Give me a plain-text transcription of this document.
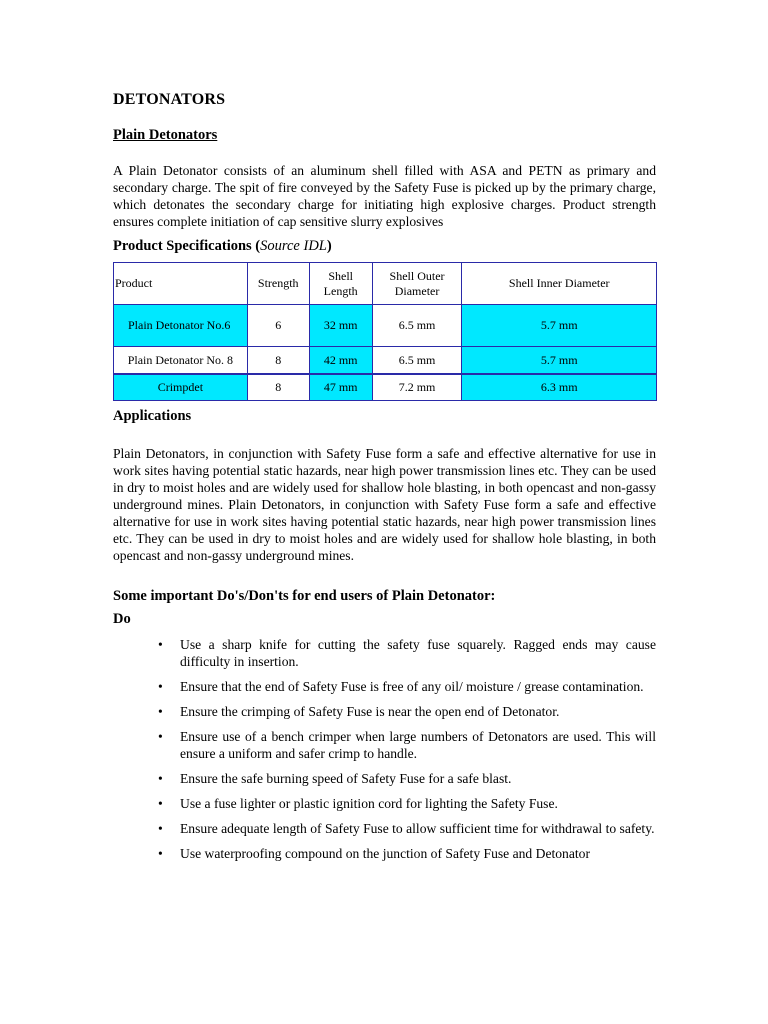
DETONATORS
Plain Detonators

A Plain Detonator consists of an aluminum shell filled with ASA and PETN as primary and secondary charge. The spit of fire conveyed by the Safety Fuse is picked up by the primary charge, which detonates the secondary charge for initiating high explosive charges. Product strength ensures complete initiation of cap sensitive slurry explosives

Product Specifications (Source IDL)
Product	Strength	Shell Length	Shell Outer Diameter	Shell Inner Diameter
Plain Detonator No.6	6	32 mm	6.5 mm	5.7 mm
Plain Detonator No. 8	8	42 mm	6.5 mm	5.7 mm
Crimpdet	8	47 mm	7.2 mm	6.3 mm
Applications

Plain Detonators, in conjunction with Safety Fuse form a safe and effective alternative for use in work sites having potential static hazards, near high power transmission lines etc. They can be used in dry to moist holes and are widely used for shallow hole blasting, in both opencast and non-gassy underground mines. Plain Detonators, in conjunction with Safety Fuse form a safe and effective alternative for use in work sites having potential static hazards, near high power transmission lines etc. They can be used in dry to moist holes and are widely used for shallow hole blasting, in both opencast and non-gassy underground mines.

Some important Do's/Don'ts for end users of Plain Detonator:
Do
• Use a sharp knife for cutting the safety fuse squarely. Ragged ends may cause difficulty in insertion.
• Ensure that the end of Safety Fuse is free of any oil/ moisture / grease contamination.
• Ensure the crimping of Safety Fuse is near the open end of Detonator.
• Ensure use of a bench crimper when large numbers of Detonators are used. This will ensure a uniform and safer crimp to handle.
• Ensure the safe burning speed of Safety Fuse for a safe blast.
• Use a fuse lighter or plastic ignition cord for lighting the Safety Fuse.
• Ensure adequate length of Safety Fuse to allow sufficient time for withdrawal to safety.
• Use waterproofing compound on the junction of Safety Fuse and Detonator
